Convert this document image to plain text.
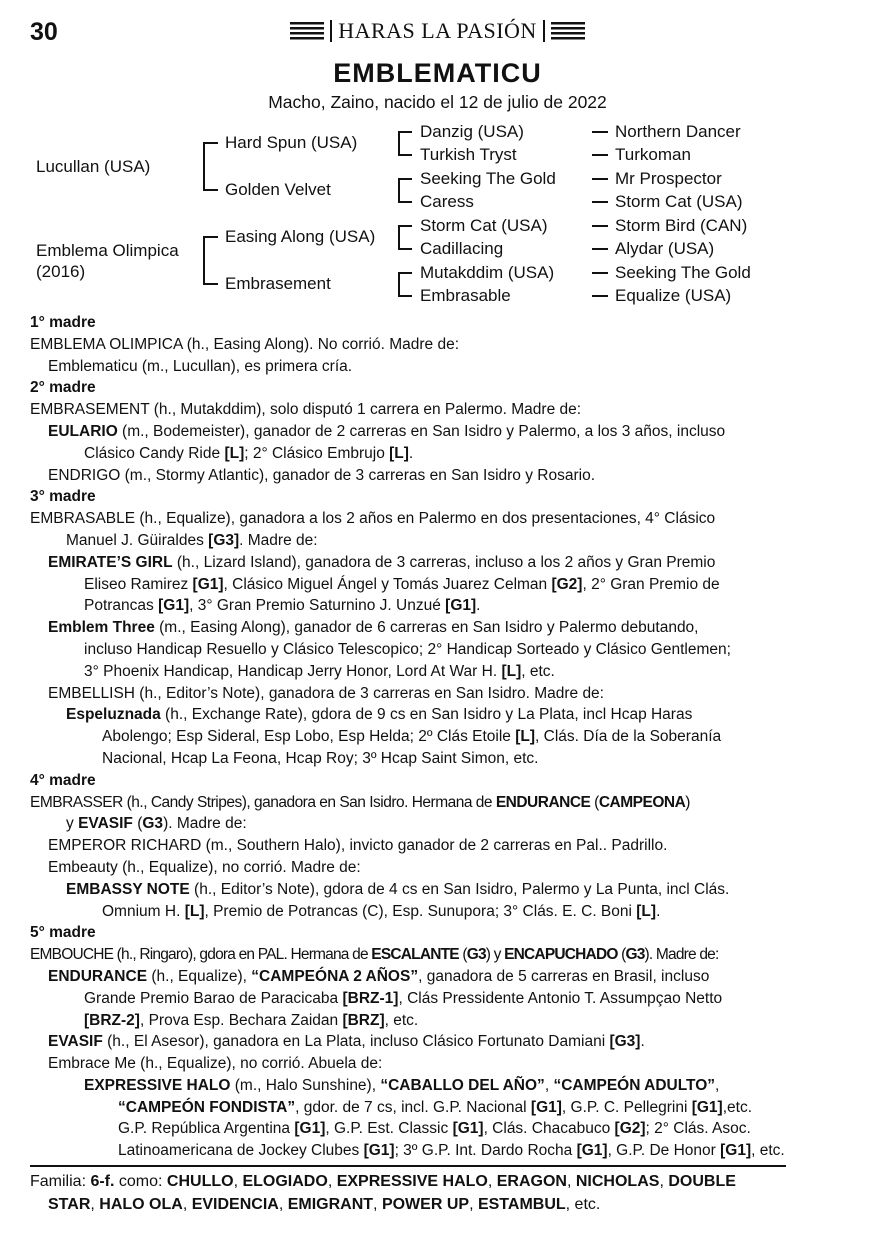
30	HARAS LA PASIÓN
EMBLEMATICU
Macho, Zaino, nacido el 12 de julio de 2022
Lucullan (USA)
Emblema Olimpica
(2016)
Hard Spun (USA)
Golden Velvet
Easing Along (USA)
Embrasement
Danzig (USA)
Turkish Tryst
Seeking The Gold
Caress
Storm Cat (USA)
Cadillacing
Mutakddim (USA)
Embrasable
Northern Dancer
Turkoman
Mr Prospector
Storm Cat (USA)
Storm Bird (CAN)
Alydar (USA)
Seeking The Gold
Equalize (USA)
1° madre
EMBLEMA OLIMPICA (h., Easing Along). No corrió. Madre de:
Emblematicu (m., Lucullan), es primera cría.
2° madre
EMBRASEMENT (h., Mutakddim), solo disputó 1 carrera en Palermo. Madre de:
EULARIO (m., Bodemeister), ganador de 2 carreras en San Isidro y Palermo, a los 3 años, incluso
Clásico Candy Ride [L]; 2° Clásico Embrujo [L].
ENDRIGO (m., Stormy Atlantic), ganador de 3 carreras en San Isidro y Rosario.
3° madre
EMBRASABLE (h., Equalize), ganadora a los 2 años en Palermo en dos presentaciones, 4° Clásico
Manuel J. Güiraldes [G3]. Madre de:
EMIRATE’S GIRL (h., Lizard Island), ganadora de 3 carreras, incluso a los 2 años y Gran Premio
Eliseo Ramirez [G1], Clásico Miguel Ángel y Tomás Juarez Celman [G2], 2° Gran Premio de
Potrancas [G1], 3° Gran Premio Saturnino J. Unzué [G1].
Emblem Three (m., Easing Along), ganador de 6 carreras en San Isidro y Palermo debutando,
incluso Handicap Resuello y Clásico Telescopico; 2° Handicap Sorteado y Clásico Gentlemen;
3° Phoenix Handicap, Handicap Jerry Honor, Lord At War H. [L], etc.
EMBELLISH (h., Editor’s Note), ganadora de 3 carreras en San Isidro. Madre de:
Espeluznada (h., Exchange Rate), gdora de 9 cs en San Isidro y La Plata, incl Hcap Haras
Abolengo; Esp Sideral, Esp Lobo, Esp Helda; 2º Clás Etoile [L], Clás. Día de la Soberanía
Nacional, Hcap La Feona, Hcap Roy; 3º Hcap Saint Simon, etc.
4° madre
EMBRASSER (h., Candy Stripes), ganadora en San Isidro. Hermana de ENDURANCE (CAMPEONA)
y EVASIF (G3). Madre de:
EMPEROR RICHARD (m., Southern Halo), invicto ganador de 2 carreras en Pal.. Padrillo.
Embeauty (h., Equalize), no corrió. Madre de:
EMBASSY NOTE (h., Editor’s Note), gdora de 4 cs en San Isidro, Palermo y La Punta, incl Clás.
Omnium H. [L], Premio de Potrancas (C), Esp. Sunupora; 3° Clás. E. C. Boni [L].
5° madre
EMBOUCHE (h., Ringaro), gdora en PAL. Hermana de ESCALANTE (G3) y ENCAPUCHADO (G3). Madre de:
ENDURANCE (h., Equalize), “CAMPEÓNA 2 AÑOS”, ganadora de 5 carreras en Brasil, incluso
Grande Premio Barao de Paracicaba [BRZ-1], Clás Pressidente Antonio T. Assumpçao Netto
[BRZ-2], Prova Esp. Bechara Zaidan [BRZ], etc.
EVASIF (h., El Asesor), ganadora en La Plata, incluso Clásico Fortunato Damiani [G3].
Embrace Me (h., Equalize), no corrió. Abuela de:
EXPRESSIVE HALO (m., Halo Sunshine), “CABALLO DEL AÑO”, “CAMPEÓN ADULTO”,
“CAMPEÓN FONDISTA”, gdor. de 7 cs, incl. G.P. Nacional [G1], G.P. C. Pellegrini [G1],etc.
G.P. República Argentina [G1], G.P. Est. Classic [G1], Clás. Chacabuco [G2]; 2° Clás. Asoc.
Latinoamericana de Jockey Clubes [G1]; 3º G.P. Int. Dardo Rocha [G1], G.P. De Honor [G1], etc.
Familia: 6-f. como: CHULLO, ELOGIADO, EXPRESSIVE HALO, ERAGON, NICHOLAS, DOUBLE
STAR, HALO OLA, EVIDENCIA, EMIGRANT, POWER UP, ESTAMBUL, etc.
